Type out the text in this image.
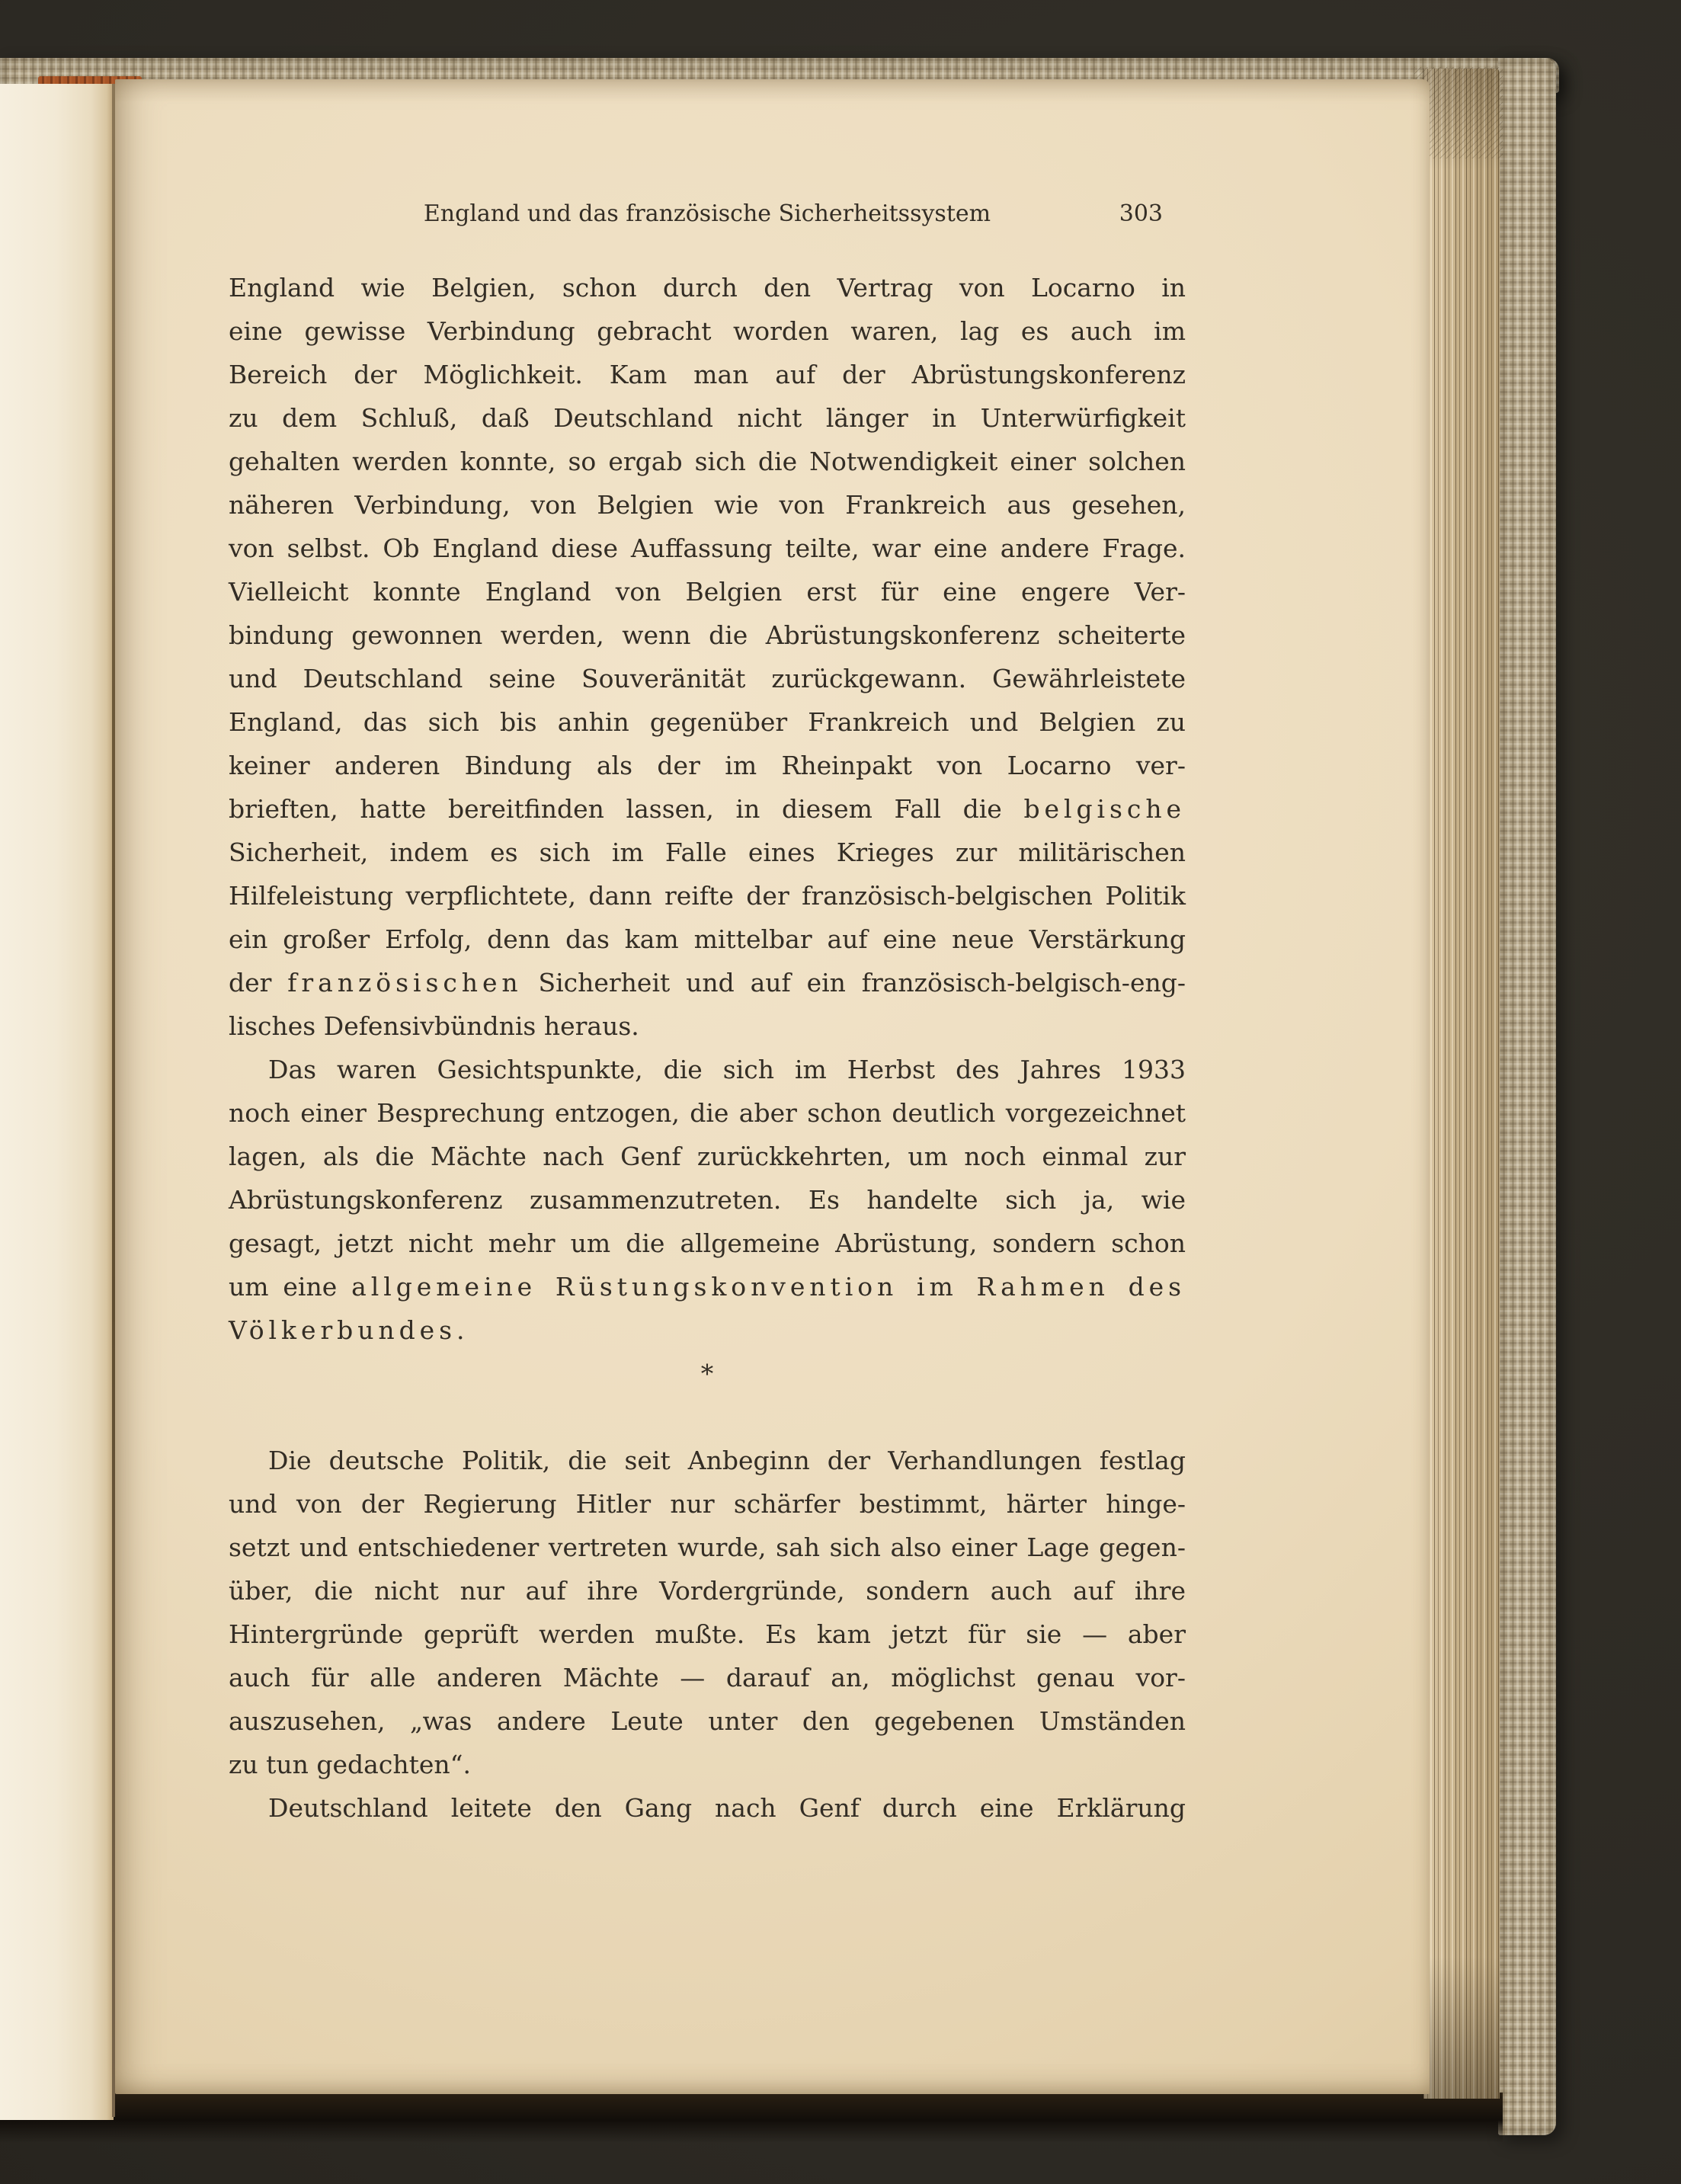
England und das französische Sicherheitssystem	303
England wie Belgien, schon durch den Vertrag von Locarno in
eine gewisse Verbindung gebracht worden waren, lag es auch im
Bereich der Möglichkeit. Kam man auf der Abrüstungskonferenz
zu dem Schluß, daß Deutschland nicht länger in Unterwürfigkeit
gehalten werden konnte, so ergab sich die Notwendigkeit einer solchen
näheren Verbindung, von Belgien wie von Frankreich aus gesehen,
von selbst. Ob England diese Auffassung teilte, war eine andere Frage.
Vielleicht konnte England von Belgien erst für eine engere Ver-
bindung gewonnen werden, wenn die Abrüstungskonferenz scheiterte
und Deutschland seine Souveränität zurückgewann. Gewährleistete
England, das sich bis anhin gegenüber Frankreich und Belgien zu
keiner anderen Bindung als der im Rheinpakt von Locarno ver-
brieften, hatte bereitfinden lassen, in diesem Fall die belgische
Sicherheit, indem es sich im Falle eines Krieges zur militärischen
Hilfeleistung verpflichtete, dann reifte der französisch-belgischen Politik
ein großer Erfolg, denn das kam mittelbar auf eine neue Verstärkung
der französischen Sicherheit und auf ein französisch-belgisch-eng-
lisches Defensivbündnis heraus.
Das waren Gesichtspunkte, die sich im Herbst des Jahres 1933
noch einer Besprechung entzogen, die aber schon deutlich vorgezeichnet
lagen, als die Mächte nach Genf zurückkehrten, um noch einmal zur
Abrüstungskonferenz zusammenzutreten. Es handelte sich ja, wie
gesagt, jetzt nicht mehr um die allgemeine Abrüstung, sondern schon
um eine allgemeine Rüstungskonvention im Rahmen des
Völkerbundes.
*
Die deutsche Politik, die seit Anbeginn der Verhandlungen festlag
und von der Regierung Hitler nur schärfer bestimmt, härter hinge-
setzt und entschiedener vertreten wurde, sah sich also einer Lage gegen-
über, die nicht nur auf ihre Vordergründe, sondern auch auf ihre
Hintergründe geprüft werden mußte. Es kam jetzt für sie — aber
auch für alle anderen Mächte — darauf an, möglichst genau vor-
auszusehen, „was andere Leute unter den gegebenen Umständen
zu tun gedachten“.
Deutschland leitete den Gang nach Genf durch eine Erklärung
